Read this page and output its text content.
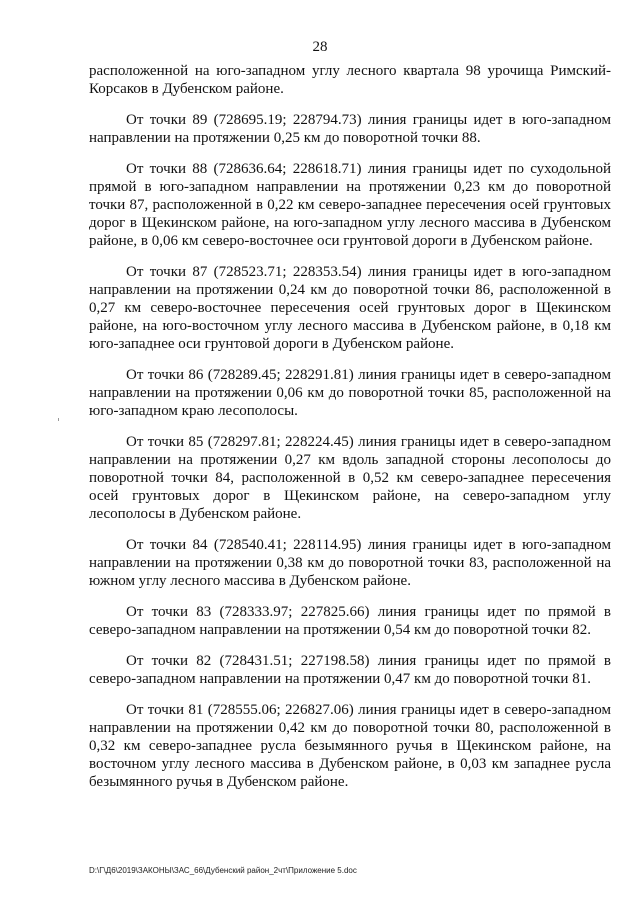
28

расположенной на юго-западном углу лесного квартала 98 урочища Римский-Корсаков в Дубенском районе.

От точки 89 (728695.19; 228794.73) линия границы идет в юго-западном направлении на протяжении 0,25 км до поворотной точки 88.

От точки 88 (728636.64; 228618.71) линия границы идет по суходольной прямой в юго-западном направлении на протяжении 0,23 км до поворотной точки 87, расположенной в 0,22 км северо-западнее пересечения осей грунтовых дорог в Щекинском районе, на юго-западном углу лесного массива в Дубенском районе, в 0,06 км северо-восточнее оси грунтовой дороги в Дубенском районе.

От точки 87 (728523.71; 228353.54) линия границы идет в юго-западном направлении на протяжении 0,24 км до поворотной точки 86, расположенной в 0,27 км северо-восточнее пересечения осей грунтовых дорог в Щекинском районе, на юго-восточном углу лесного массива в Дубенском районе, в 0,18 км юго-западнее оси грунтовой дороги в Дубенском районе.

От точки 86 (728289.45; 228291.81) линия границы идет в северо-западном направлении на протяжении 0,06 км до поворотной точки 85, расположенной на юго-западном краю лесополосы.

От точки 85 (728297.81; 228224.45) линия границы идет в северо-западном направлении на протяжении 0,27 км вдоль западной стороны лесополосы до поворотной точки 84, расположенной в 0,52 км северо-западнее пересечения осей грунтовых дорог в Щекинском районе, на северо-западном углу лесополосы в Дубенском районе.

От точки 84 (728540.41; 228114.95) линия границы идет в юго-западном направлении на протяжении 0,38 км до поворотной точки 83, расположенной на южном углу лесного массива в Дубенском районе.

От точки 83 (728333.97; 227825.66) линия границы идет по прямой в северо-западном направлении на протяжении 0,54 км до поворотной точки 82.

От точки 82 (728431.51; 227198.58) линия границы идет по прямой в северо-западном направлении на протяжении 0,47 км до поворотной точки 81.

От точки 81 (728555.06; 226827.06) линия границы идет в северо-западном направлении на протяжении 0,42 км до поворотной точки 80, расположенной в 0,32 км северо-западнее русла безымянного ручья в Щекинском районе, на восточном углу лесного массива в Дубенском районе, в 0,03 км западнее русла безымянного ручья в Дубенском районе.

D:\Г\Д6\2019\ЗАКОНЫ\ЗАС_66\Дубенский район_2чт\Приложение 5.doc
